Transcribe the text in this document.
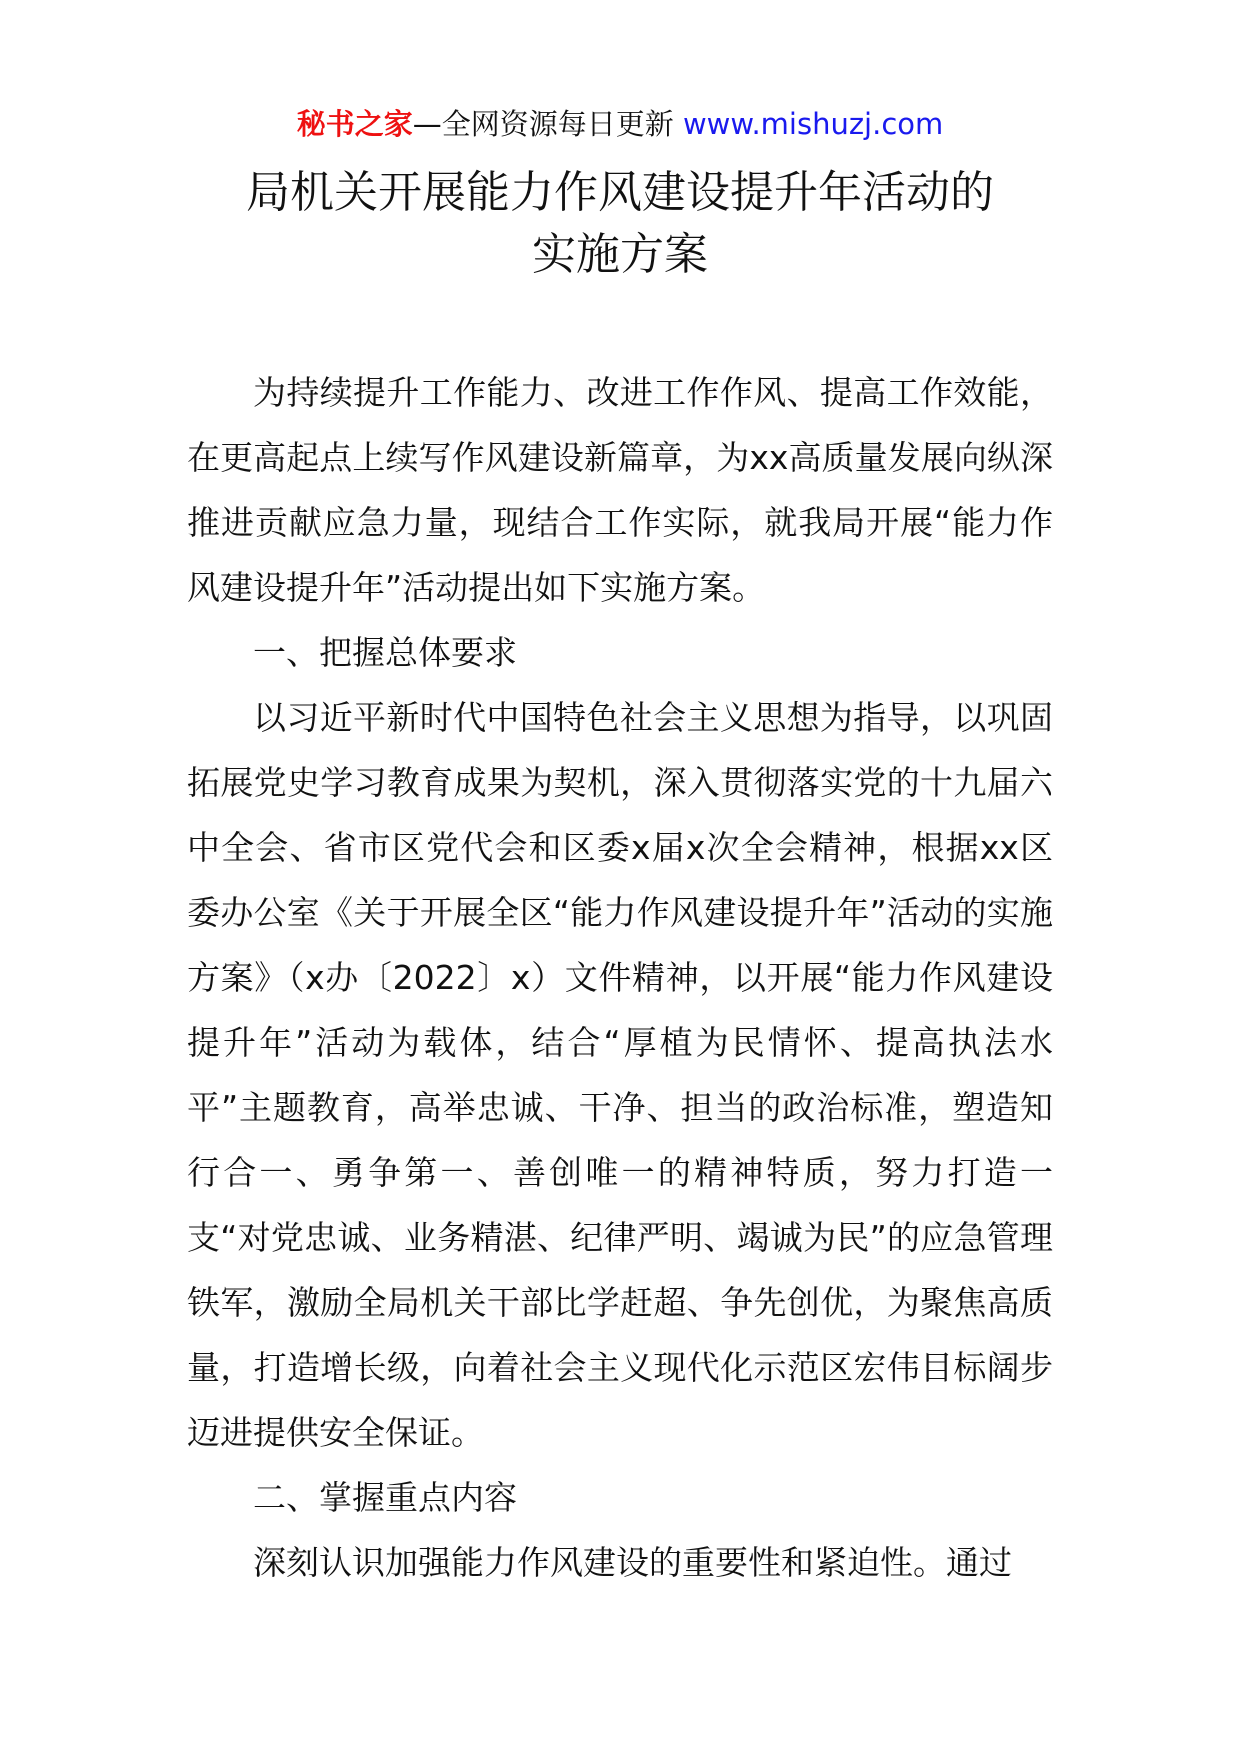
秘书之家—全网资源每日更新 www.mishuzj.com
局机关开展能力作风建设提升年活动的
实施方案

为持续提升工作能力、改进工作作风、提高工作效能，在更高起点上续写作风建设新篇章，为xx高质量发展向纵深推进贡献应急力量，现结合工作实际，就我局开展“能力作风建设提升年”活动提出如下实施方案。

一、把握总体要求

以习近平新时代中国特色社会主义思想为指导，以巩固拓展党史学习教育成果为契机，深入贯彻落实党的十九届六中全会、省市区党代会和区委x届x次全会精神，根据xx区委办公室《关于开展全区“能力作风建设提升年”活动的实施方案》（x办〔2022〕x）文件精神，以开展“能力作风建设提升年”活动为载体，结合“厚植为民情怀、提高执法水平”主题教育，高举忠诚、干净、担当的政治标准，塑造知行合一、勇争第一、善创唯一的精神特质，努力打造一支“对党忠诚、业务精湛、纪律严明、竭诚为民”的应急管理铁军，激励全局机关干部比学赶超、争先创优，为聚焦高质量，打造增长级，向着社会主义现代化示范区宏伟目标阔步迈进提供安全保证。

二、掌握重点内容

深刻认识加强能力作风建设的重要性和紧迫性。通过
